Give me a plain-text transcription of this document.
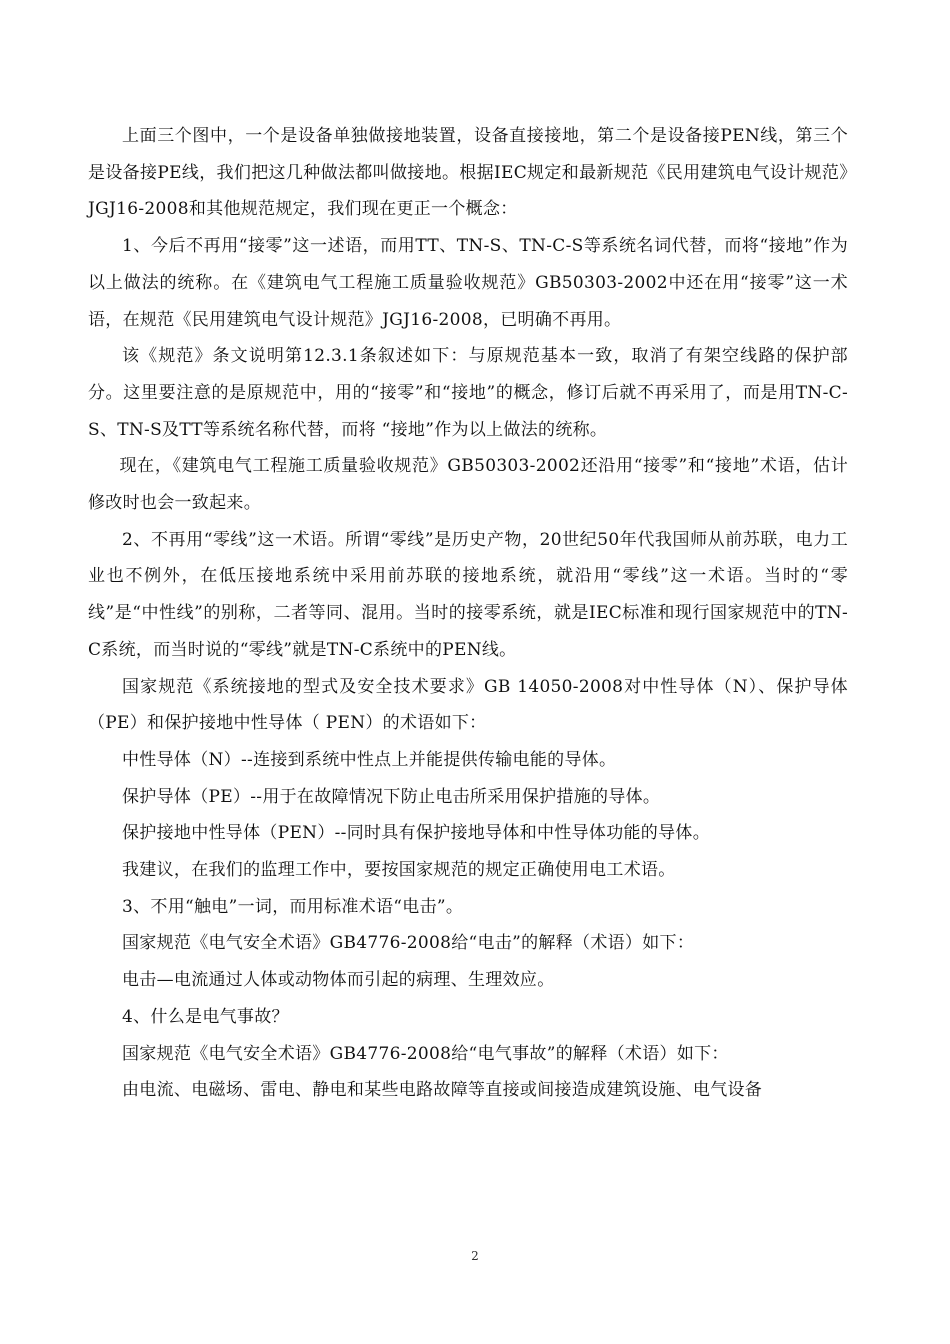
上面三个图中，一个是设备单独做接地装置，设备直接接地，第二个是设备接PEN线，第三个是设备接PE线，我们把这几种做法都叫做接地。根据IEC规定和最新规范《民用建筑电气设计规范》JGJ16-2008和其他规范规定，我们现在更正一个概念：

1、今后不再用“接零”这一述语，而用TT、TN-S、TN-C-S等系统名词代替，而将“接地”作为以上做法的统称。在《建筑电气工程施工质量验收规范》GB50303-2002中还在用“接零”这一术语，在规范《民用建筑电气设计规范》JGJ16-2008，已明确不再用。

该《规范》条文说明第12.3.1条叙述如下：与原规范基本一致，取消了有架空线路的保护部分。这里要注意的是原规范中，用的“接零”和“接地”的概念，修订后就不再采用了，而是用TN-C-S、TN-S及TT等系统名称代替，而将 “接地”作为以上做法的统称。

现在，《建筑电气工程施工质量验收规范》GB50303-2002还沿用“接零”和“接地”术语，估计修改时也会一致起来。

2、不再用“零线”这一术语。所谓“零线”是历史产物，20世纪50年代我国师从前苏联，电力工业也不例外，在低压接地系统中采用前苏联的接地系统，就沿用“零线”这一术语。当时的“零线”是“中性线”的别称，二者等同、混用。当时的接零系统，就是IEC标准和现行国家规范中的TN-C系统，而当时说的“零线”就是TN-C系统中的PEN线。

国家规范《系统接地的型式及安全技术要求》GB 14050-2008对中性导体（N）、保护导体（PE）和保护接地中性导体（ PEN）的术语如下：

中性导体（N）--连接到系统中性点上并能提供传输电能的导体。

保护导体（PE）--用于在故障情况下防止电击所采用保护措施的导体。

保护接地中性导体（PEN）--同时具有保护接地导体和中性导体功能的导体。

我建议，在我们的监理工作中，要按国家规范的规定正确使用电工术语。

3、不用“触电”一词，而用标准术语“电击”。

国家规范《电气安全术语》GB4776-2008给“电击”的解释（术语）如下：

电击—电流通过人体或动物体而引起的病理、生理效应。

4、什么是电气事故？

国家规范《电气安全术语》GB4776-2008给“电气事故”的解释（术语）如下：

由电流、电磁场、雷电、静电和某些电路故障等直接或间接造成建筑设施、电气设备

2
